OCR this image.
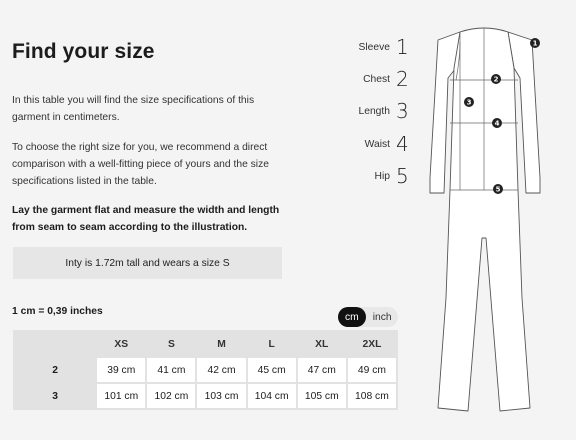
Find your size

In this table you will find the size specifications of this garment in centimeters.

To choose the right size for you, we recommend a direct comparison with a well-fitting piece of yours and the size specifications listed in the table.

Lay the garment flat and measure the width and length from seam to seam according to the illustration.

Inty is 1.72m tall and wears a size S
1 cm = 0,39 inches	cm	inch
	XS	S	M	L	XL	2XL
2	39 cm	41 cm	42 cm	45 cm	47 cm	49 cm
3	101 cm	102 cm	103 cm	104 cm	105 cm	108 cm
Sleeve 1
Chest 2
Length 3
Waist 4
Hip 5
1
2
3
4
5
